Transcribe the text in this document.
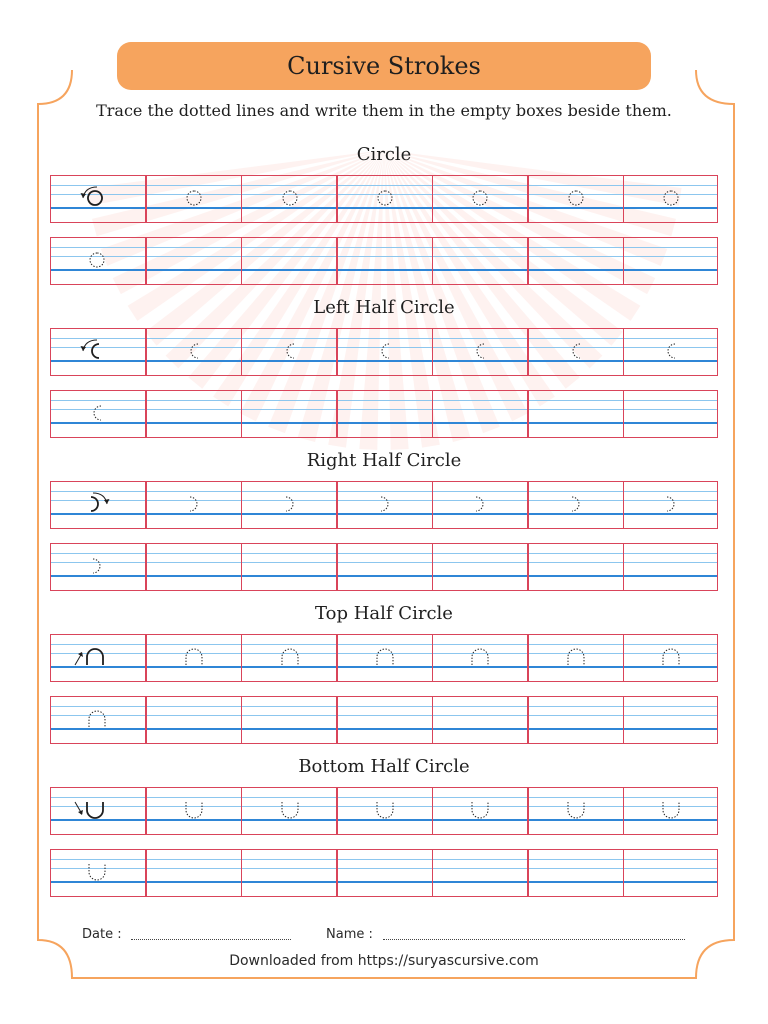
Cursive Strokes
Trace the dotted lines and write them in the empty boxes beside them.
Circle
Left Half Circle
Right Half Circle
Top Half Circle
Bottom Half Circle
Date :	Name :
Downloaded from https://suryascursive.com
